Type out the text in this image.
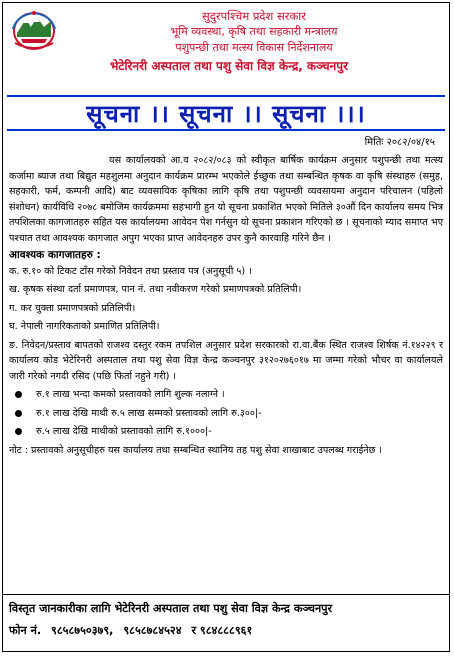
सुदुरपश्चिम प्रदेश सरकार
भूमि व्यवस्था, कृषि तथा सहकारी मन्त्रालय
पशुपन्छी तथा मत्स्य विकास निर्देशनालय
भेटेरिनरी अस्पताल तथा पशु सेवा विज्ञ केन्द्र, कञ्चनपुर
सूचना ।। सूचना ।। सूचना ।।।
मितिः २०८२/०४/१५

यस कार्यालयको आ.व २०८२/०८३ को स्वीकृत बार्षिक कार्यक्रम अनुसार पशुपन्छी तथा मत्स्य कर्जामा ब्याज तथा बिद्युत महशुलमा अनुदान कार्यक्रम प्रारम्भ भएकोले ईच्छुक तथा सम्बन्धित कृषक वा कृषि संस्थाहरु (समुह, सहकारी, फर्म, कम्पनी आदि) बाट व्यवसायिक कृषिका लागि कृषि तथा पशुपन्छी व्यवसायमा अनुदान परिचालन (पहिलो संशोधन) कार्यविधि २०७८ बमोजिम कार्यक्रममा सहभागी हुन यो सूचना प्रकाशित भएको मितिले ३०औं दिन कार्यालय समय भित्र तपशिलका कागजातहरु सहित यस कार्यालयमा आवेदन पेश गर्नसुन यो सूचना प्रकाशन गरिएको छ । सूचनाको म्याद समाप्त भए पश्चात तथा आवश्यक कागजात अपुग भएका प्राप्त आवेदनहरु उपर कुनै कारवाहि गरिने छैन ।

आवश्यक कागजातहरु :
क. रु.१० को टिकट टाँस गरेको निवेदन तथा प्रस्ताव पत्र (अनुसूची ५) ।
ख. कृषक संस्था दर्ता प्रमाणपत्र, पान नं. तथा नवीकरण गरेको प्रमाणपत्रको प्रतिलिपी।
ग. कर चुक्ता प्रमाणपत्रको प्रतिलिपी।
घ. नेपाली नागरिकताको प्रमाणित प्रतिलिपी।
ङ. निवेदन/प्रस्ताव बापतको राजश्व दस्तुर रकम तपशिल अनुसार प्रदेश सरकारको रा.वा.बैंक स्थित राजश्व शिर्षक नं.१४२२९ र कार्यालय कोड भेटेरिनरी अस्पताल तथा पशु सेवा विज्ञ केन्द्र कञ्चनपुर ३१२०२७६०१७ मा जम्मा गरेको भौचर वा कार्यालयले जारी गरेको नगदी रसिद (पछि फिर्ता नहुने गरी) ।
रु.१ लाख भन्दा कमको प्रस्तावको लागि शुल्क नलाग्ने ।
रु.१ लाख देखि माथी रु.५ लाख सम्मको प्रस्तावको लागि रु.३००|-
रु.५ लाख देखि माथीको प्रस्तावको लागि रु.१०००|-
नोट : प्रस्तावको अनुसूचीहरु यस कार्यालय तथा सम्बन्धित स्थानिय तह पशु सेवा शाखाबाट उपलब्ध गराईनेछ ।
विस्तृत जानकारीका लागि भेटेरिनरी अस्पताल तथा पशु सेवा विज्ञ केन्द्र कञ्चनपुर
फोन नं. ९८५८७५०३७९, ९८५८७८४५२४ र ९८४८८८९६१
